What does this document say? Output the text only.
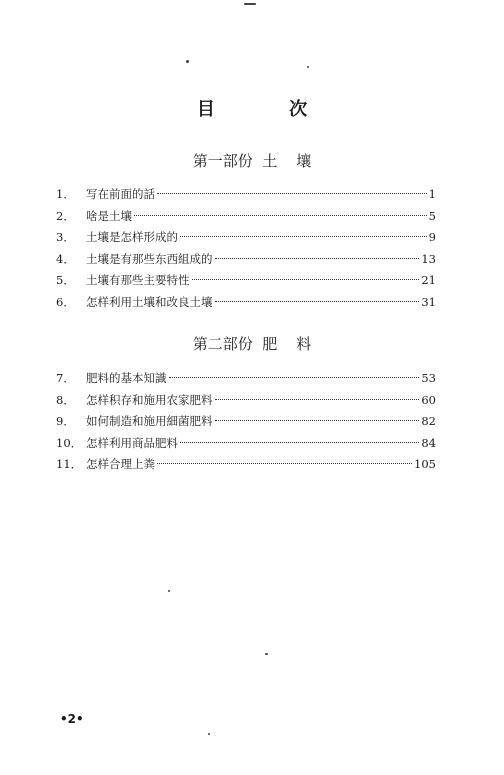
目 次
第一部份  土    壤
1． 写在前面的話	1
2． 啥是土壤	5
3． 土壤是怎样形成的	9
4． 土壤是有那些东西組成的	13
5． 土壤有那些主要特性	21
6． 怎样利用土壤和改良土壤	31
第二部份  肥    料
7． 肥料的基本知識	53
8． 怎样积存和施用农家肥料	60
9． 如何制造和施用細菌肥料	82
10． 怎样利用商品肥料	84
11． 怎样合理上粪	105
•2•
